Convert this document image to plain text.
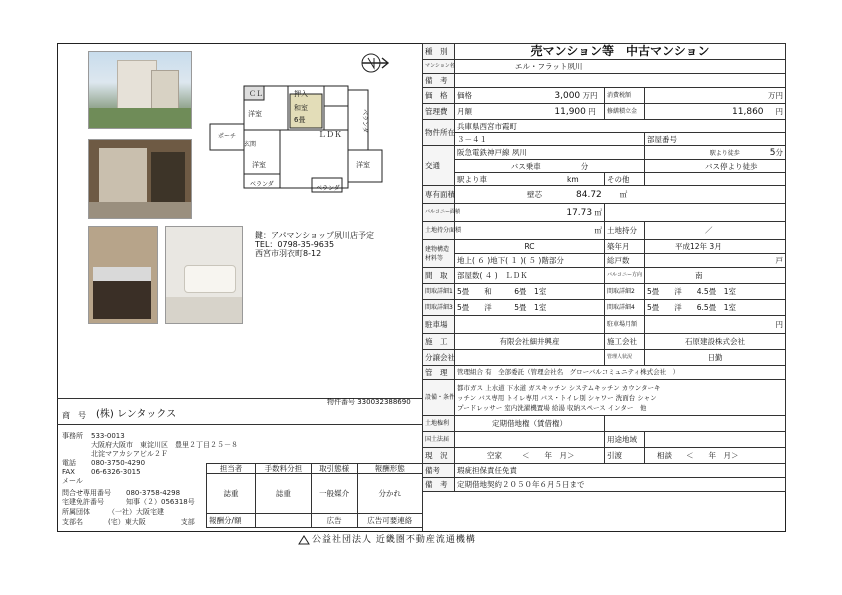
ＣＬ	押入
洋室
和室
6畳
ＬＤＫ
洋室	洋室
ベランダ
ベランダ
ベランダ
ポーチ
玄関
鍵：アパマンショップ夙川店予定
TEL：0798-35-9635
西宮市羽衣町8-12
物件番号 330032388690
商　号 (株) レンタックス
事務所 533-0013
大阪府大阪市　東淀川区　豊里２丁目２５－８
北淀マアカシアビル２Ｆ
電話 080-3750-4290
FAX 06-6326-3015
メール
問合せ専用番号 080-3758-4298
宅建免許番号	知事（２）056318号
所属団体	（一社）大阪宅建
支部名	(宅）東大阪　　　　　支部
担当者	手数料分担	取引態様	報酬形態
誌重	誌重	一般媒介	分かれ
報酬分/額		広告	広告可要連絡
種　別	売マンション等　中古マンション		
マンション名	エル・フラット夙川		
備　考			
価　格	価格 3,000 万円	消費税額	万円
管理費	月額 11,900 円	修繕積立金	11,860 円
物件所在	兵庫県西宮市霞町		
	３－４１		部屋番号
交通	阪急電鉄神戸線 夙川		駅より徒歩 5分
	バス乗車 分		バス停より徒歩
	駅より車 km	その他	
専有面積	壁芯 84.72 ㎡		
バルコニー面積	17.73 ㎡		
土地持分面積	㎡	土地持分	／
建物構造材料等	RC	築年月	平成12年 3月
	地上( ６ )地下( １ )( ５ )階部分	総戸数	戸
間　取	部屋数( ４ )　ＬＤＫ	バルコニー方向	南
間取詳細1	5畳　　和　　　6畳　1室	間取詳細2	5畳　　洋　　4.5畳　1室
間取詳細3	5畳　　洋　　　5畳　1室	間取詳細4	5畳　　洋　　6.5畳　1室
駐車場		駐車場月額	円
施　工	有限会社細井興産	施工会社	石原建設株式会社
分譲会社		管理人状況	日勤
管　理	管理組合 有　全部委託（管理会社名　グローバルコミュニティ株式会社　）		
設備・条件	都市ガス 上水道 下水道 ガスキッチン システムキッチン カウンターキ
ッチン バス専用 トイレ専用 バス・トイレ別 シャワー 洗面台 シャン
プードレッサー 室内洗濯機置場 給湯 収納スペース インター　他		

土地権利	定期借地権（賃借権）		
国土法届		用途地域	
現　況	空家 ＜　　年　月＞	引渡	相談 ＜　　年　月＞
備考	瑕疵担保責任免責		
備　考	定期借地契約２０５０年６月５日まで		
公益社団法人 近畿圏不動産流通機構
